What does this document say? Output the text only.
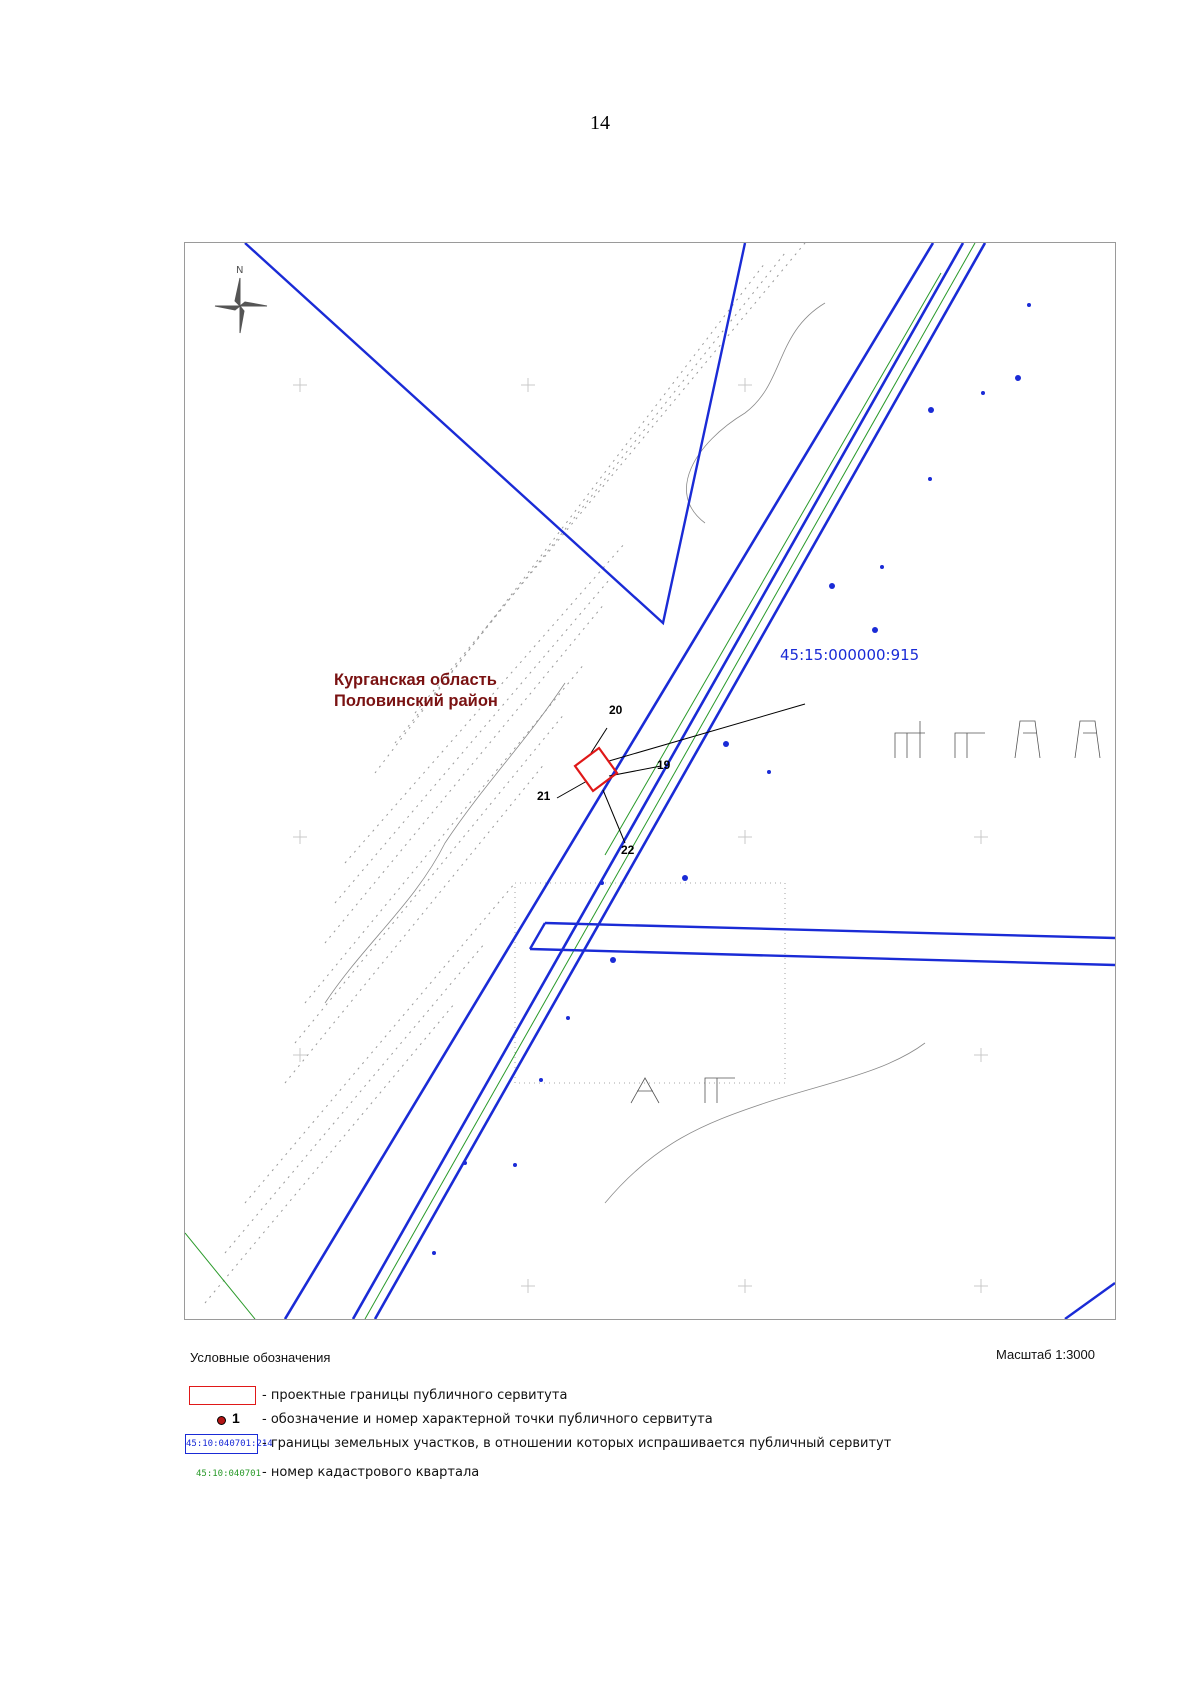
14
N
20
19
21
22
Курганская область
Половинский район
45:15:000000:915
Условные обозначения	Масштаб 1:3000
- проектные границы публичного сервитута
1 - обозначение и номер характерной точки публичного сервитута
45:10:040701:214
- границы земельных участков, в отношении которых испрашивается публичный сервитут
45:10:040701 - номер кадастрового квартала
